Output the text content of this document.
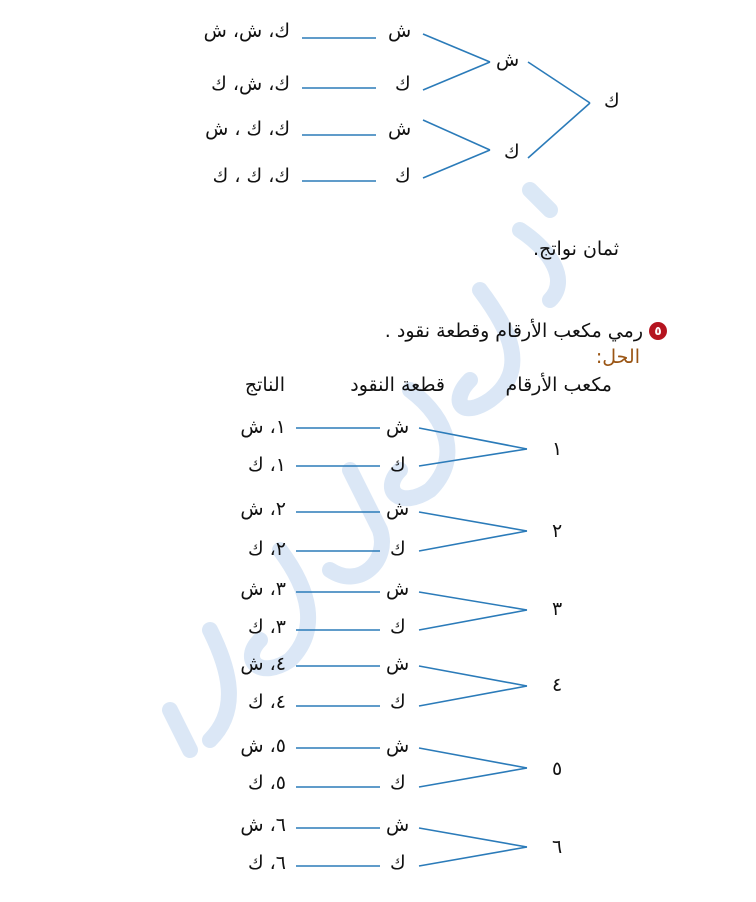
ك
ش
ك
ش
ك
ش
ك
ك، ش، ش
ك، ش، ك
ك، ك ، ش
ك، ك ، ك
ثمان نواتج.
٥
رمي مكعب الأرقام وقطعة نقود .
الحل:
مكعب الأرقام
قطعة النقود
الناتج
١
ش
ك
١، ش
١، ك
٢
ش
ك
٢، ش
٢، ك
٣
ش
ك
٣، ش
٣، ك
٤
ش
ك
٤، ش
٤، ك
٥
ش
ك
٥، ش
٥، ك
٦
ش
ك
٦، ش
٦، ك
